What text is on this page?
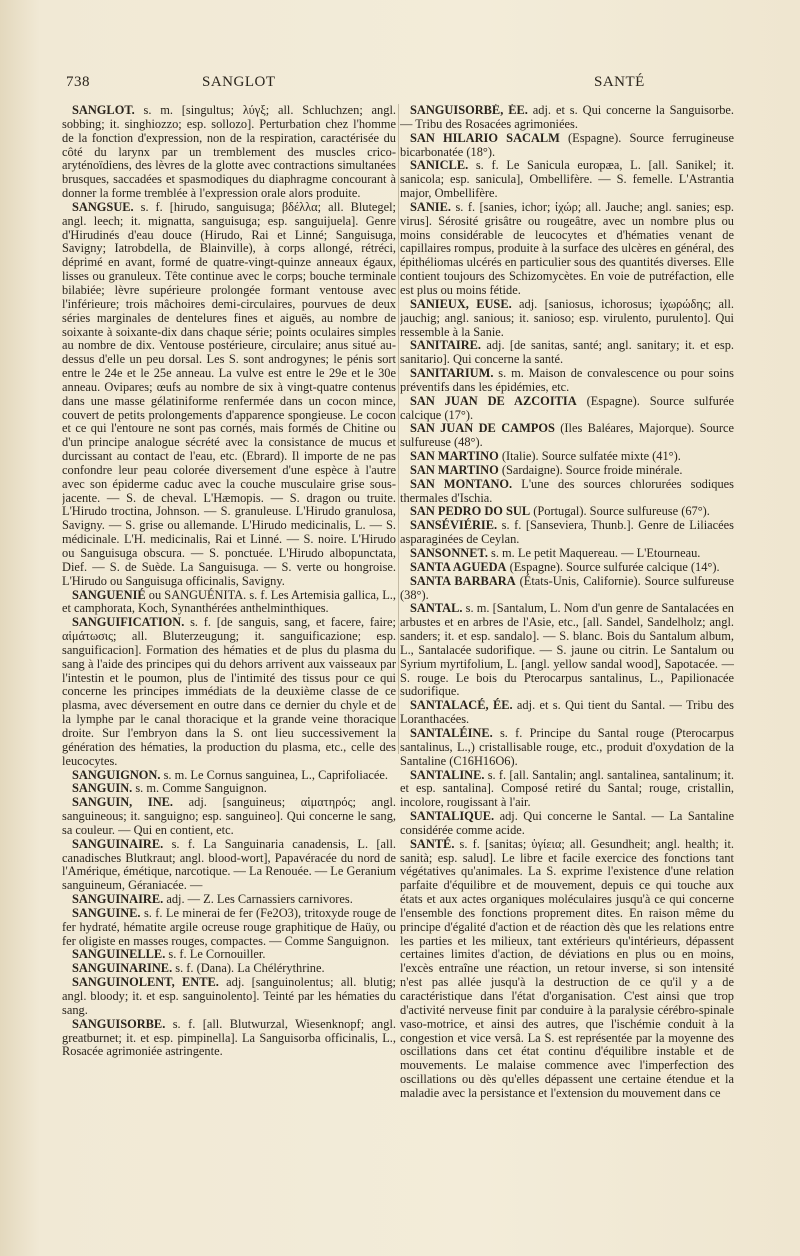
738	SANGLOT	SANTÉ

SANGLOT. s. m. [singultus; λύγξ; all. Schluchzen; angl. sobbing; it. singhiozzo; esp. sollozo]. Perturbation chez l'homme de la fonction d'expression, non de la respiration, caractérisée du côté du larynx par un tremblement des muscles crico-aryténoïdiens, des lèvres de la glotte avec contractions simultanées brusques, saccadées et spasmodiques du diaphragme concourant à donner la forme tremblée à l'expression orale alors produite.

SANGSUE. s. f. [hirudo, sanguisuga; βδέλλα; all. Blutegel; angl. leech; it. mignatta, sanguisuga; esp. sanguijuela]. Genre d'Hirudinés d'eau douce (Hirudo, Rai et Linné; Sanguisuga, Savigny; Iatrobdella, de Blainville), à corps allongé, rétréci, déprimé en avant, formé de quatre-vingt-quinze anneaux égaux, lisses ou granuleux. Tête continue avec le corps; bouche terminale bilabiée; lèvre supérieure prolongée formant ventouse avec l'inférieure; trois mâchoires demi-circulaires, pourvues de deux séries marginales de dentelures fines et aiguës, au nombre de soixante à soixante-dix dans chaque série; points oculaires simples au nombre de dix. Ventouse postérieure, circulaire; anus situé au-dessus d'elle un peu dorsal. Les S. sont androgynes; le pénis sort entre le 24e et le 25e anneau. La vulve est entre le 29e et le 30e anneau. Ovipares; œufs au nombre de six à vingt-quatre contenus dans une masse gélatiniforme renfermée dans un cocon mince, couvert de petits prolongements d'apparence spongieuse. Le cocon et ce qui l'entoure ne sont pas cornés, mais formés de Chitine ou d'un principe analogue sécrété avec la consistance de mucus et durcissant au contact de l'eau, etc. (Ebrard). Il importe de ne pas confondre leur peau colorée diversement d'une espèce à l'autre avec son épiderme caduc avec la couche musculaire grise sous-jacente. — S. de cheval. L'Hæmopis. — S. dragon ou truite. L'Hirudo troctina, Johnson. — S. granuleuse. L'Hirudo granulosa, Savigny. — S. grise ou allemande. L'Hirudo medicinalis, L. — S. médicinale. L'H. medicinalis, Rai et Linné. — S. noire. L'Hirudo ou Sanguisuga obscura. — S. ponctuée. L'Hirudo albopunctata, Dief. — S. de Suède. La Sanguisuga. — S. verte ou hongroise. L'Hirudo ou Sanguisuga officinalis, Savigny.

SANGUENIÉ ou SANGUÉNITA. s. f. Les Artemisia gallica, L., et camphorata, Koch, Synanthérées anthelminthiques.

SANGUIFICATION. s. f. [de sanguis, sang, et facere, faire; αἱμάτωσις; all. Bluterzeugung; it. sanguificazione; esp. sanguificacion]. Formation des hématies et de plus du plasma du sang à l'aide des principes qui du dehors arrivent aux vaisseaux par l'intestin et le poumon, plus de l'intimité des tissus pour ce qui concerne les principes immédiats de la deuxième classe de ce plasma, avec déversement en outre dans ce dernier du chyle et de la lymphe par le canal thoracique et la grande veine thoracique droite. Sur l'embryon dans la S. ont lieu successivement la génération des hématies, la production du plasma, etc., celle des leucocytes.

SANGUIGNON. s. m. Le Cornus sanguinea, L., Caprifoliacée.

SANGUIN. s. m. Comme Sanguignon.

SANGUIN, INE. adj. [sanguineus; αἱματηρός; angl. sanguineous; it. sanguigno; esp. sanguineo]. Qui concerne le sang, sa couleur. — Qui en contient, etc.

SANGUINAIRE. s. f. La Sanguinaria canadensis, L. [all. canadisches Blutkraut; angl. blood-wort], Papavéracée du nord de l'Amérique, émétique, narcotique. — La Renouée. — Le Geranium sanguineum, Géraniacée. —

SANGUINAIRE. adj. — Z. Les Carnassiers carnivores.

SANGUINE. s. f. Le minerai de fer (Fe2O3), tritoxyde rouge de fer hydraté, hématite argile ocreuse rouge graphitique de Haüy, ou fer oligiste en masses rouges, compactes. — Comme Sanguignon.

SANGUINELLE. s. f. Le Cornouiller.

SANGUINARINE. s. f. (Dana). La Chélérythrine.

SANGUINOLENT, ENTE. adj. [sanguinolentus; all. blutig; angl. bloody; it. et esp. sanguinolento]. Teinté par les hématies du sang.

SANGUISORBE. s. f. [all. Blutwurzal, Wiesenknopf; angl. greatburnet; it. et esp. pimpinella]. La Sanguisorba officinalis, L., Rosacée agrimoniée astringente.

SANGUISORBÉ, ÉE. adj. et s. Qui concerne la Sanguisorbe. — Tribu des Rosacées agrimoniées.

SAN HILARIO SACALM (Espagne). Source ferrugineuse bicarbonatée (18°).

SANICLE. s. f. Le Sanicula europæa, L. [all. Sanikel; it. sanicola; esp. sanicula], Ombellifère. — S. femelle. L'Astrantia major, Ombellifère.

SANIE. s. f. [sanies, ichor; ἰχώρ; all. Jauche; angl. sanies; esp. virus]. Sérosité grisâtre ou rougeâtre, avec un nombre plus ou moins considérable de leucocytes et d'hématies venant de capillaires rompus, produite à la surface des ulcères en général, des épithéliomas ulcérés en particulier sous des quantités diverses. Elle contient toujours des Schizomycètes. En voie de putréfaction, elle est plus ou moins fétide.

SANIEUX, EUSE. adj. [saniosus, ichorosus; ἰχωρώδης; all. jauchig; angl. sanious; it. sanioso; esp. virulento, purulento]. Qui ressemble à la Sanie.

SANITAIRE. adj. [de sanitas, santé; angl. sanitary; it. et esp. sanitario]. Qui concerne la santé.

SANITARIUM. s. m. Maison de convalescence ou pour soins préventifs dans les épidémies, etc.

SAN JUAN DE AZCOITIA (Espagne). Source sulfurée calcique (17°).

SAN JUAN DE CAMPOS (Iles Baléares, Majorque). Source sulfureuse (48°).

SAN MARTINO (Italie). Source sulfatée mixte (41°).

SAN MARTINO (Sardaigne). Source froide minérale.

SAN MONTANO. L'une des sources chlorurées sodiques thermales d'Ischia.

SAN PEDRO DO SUL (Portugal). Source sulfureuse (67°).

SANSÉVIÉRIE. s. f. [Sanseviera, Thunb.]. Genre de Liliacées asparaginées de Ceylan.

SANSONNET. s. m. Le petit Maquereau. — L'Etourneau.

SANTA AGUEDA (Espagne). Source sulfurée calcique (14°).

SANTA BARBARA (États-Unis, Californie). Source sulfureuse (38°).

SANTAL. s. m. [Santalum, L. Nom d'un genre de Santalacées en arbustes et en arbres de l'Asie, etc., [all. Sandel, Sandelholz; angl. sanders; it. et esp. sandalo]. — S. blanc. Bois du Santalum album, L., Santalacée sudorifique. — S. jaune ou citrin. Le Santalum ou Syrium myrtifolium, L. [angl. yellow sandal wood], Sapotacée. — S. rouge. Le bois du Pterocarpus santalinus, L., Papilionacée sudorifique.

SANTALACÉ, ÉE. adj. et s. Qui tient du Santal. — Tribu des Loranthacées.

SANTALÉINE. s. f. Principe du Santal rouge (Pterocarpus santalinus, L.,) cristallisable rouge, etc., produit d'oxydation de la Santaline (C16H16O6).

SANTALINE. s. f. [all. Santalin; angl. santalinea, santalinum; it. et esp. santalina]. Composé retiré du Santal; rouge, cristallin, incolore, rougissant à l'air.

SANTALIQUE. adj. Qui concerne le Santal. — La Santaline considérée comme acide.

SANTÉ. s. f. [sanitas; ὑγίεια; all. Gesundheit; angl. health; it. sanità; esp. salud]. Le libre et facile exercice des fonctions tant végétatives qu'animales. La S. exprime l'existence d'une relation parfaite d'équilibre et de mouvement, depuis ce qui touche aux états et aux actes organiques moléculaires jusqu'à ce qui concerne l'ensemble des fonctions proprement dites. En raison même du principe d'égalité d'action et de réaction dès que les relations entre les parties et les milieux, tant extérieurs qu'intérieurs, dépassent certaines limites d'action, de déviations en plus ou en moins, l'excès entraîne une réaction, un retour inverse, si son intensité n'est pas allée jusqu'à la destruction de ce qu'il y a de caractéristique dans l'état d'organisation. C'est ainsi que trop d'activité nerveuse finit par conduire à la paralysie cérébro-spinale vaso-motrice, et ainsi des autres, que l'ischémie conduit à la congestion et vice versâ. La S. est représentée par la moyenne des oscillations dans cet état continu d'équilibre instable et de mouvements. Le malaise commence avec l'imperfection des oscillations ou dès qu'elles dépassent une certaine étendue et la maladie avec la persistance et l'extension du mouvement dans ce
